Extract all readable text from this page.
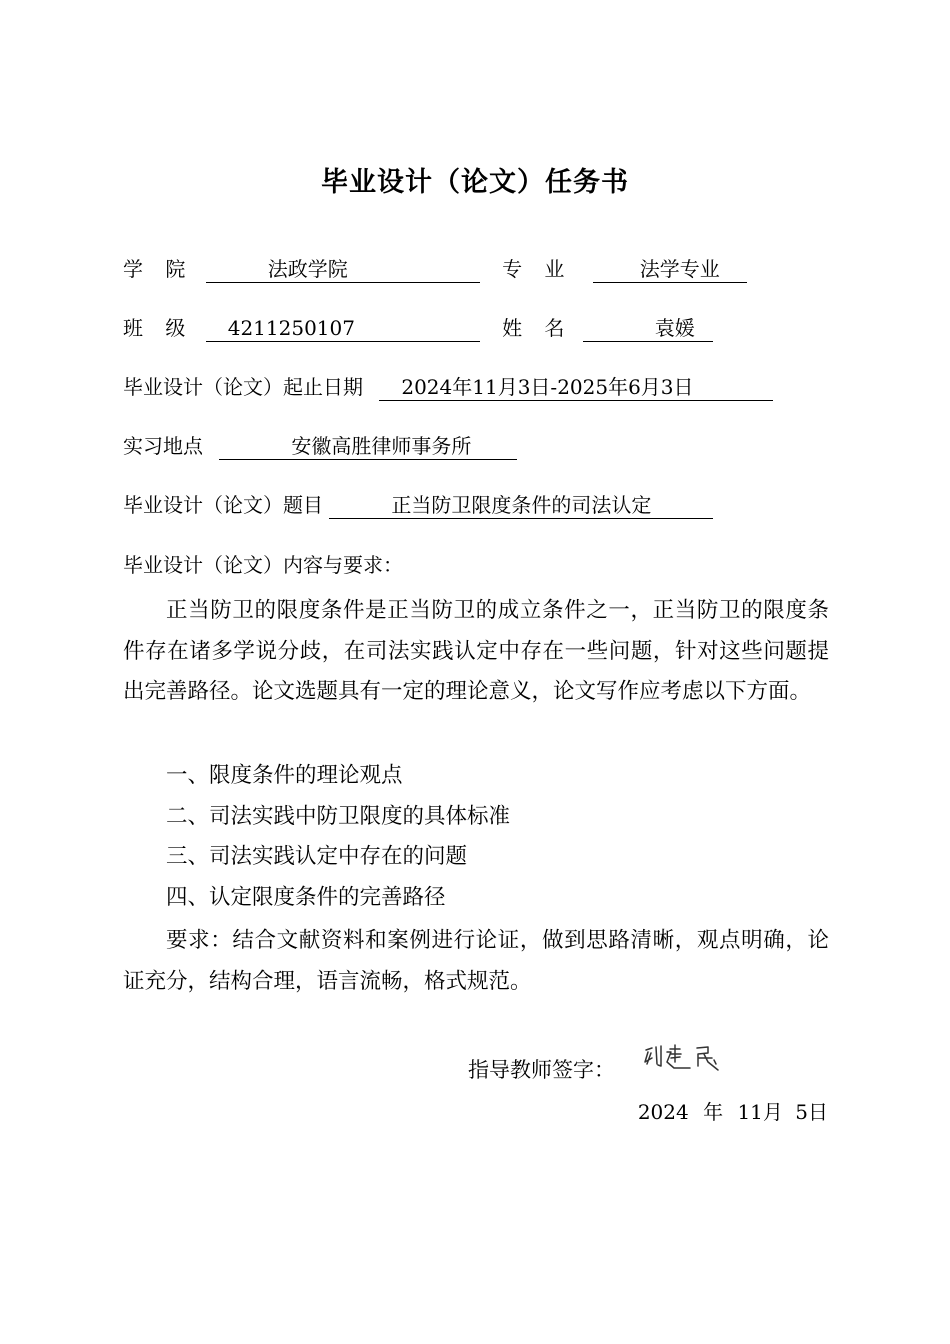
毕业设计（论文）任务书
学 院	法政学院	专 业	法学专业
班 级 4211250107	姓 名	袁媛
毕业设计（论文）起止日期 2024年11月3日-2025年6月3日
实习地点	安徽高胜律师事务所
毕业设计（论文）题目	正当防卫限度条件的司法认定
毕业设计（论文）内容与要求：

正当防卫的限度条件是正当防卫的成立条件之一，正当防卫的限度条件存在诸多学说分歧，在司法实践认定中存在一些问题，针对这些问题提出完善路径。论文选题具有一定的理论意义，论文写作应考虑以下方面。

一、限度条件的理论观点
二、司法实践中防卫限度的具体标准
三、司法实践认定中存在的问题
四、认定限度条件的完善路径

要求：结合文献资料和案例进行论证，做到思路清晰，观点明确，论证充分，结构合理，语言流畅，格式规范。

指导教师签字：
2024 年 11月 5日
